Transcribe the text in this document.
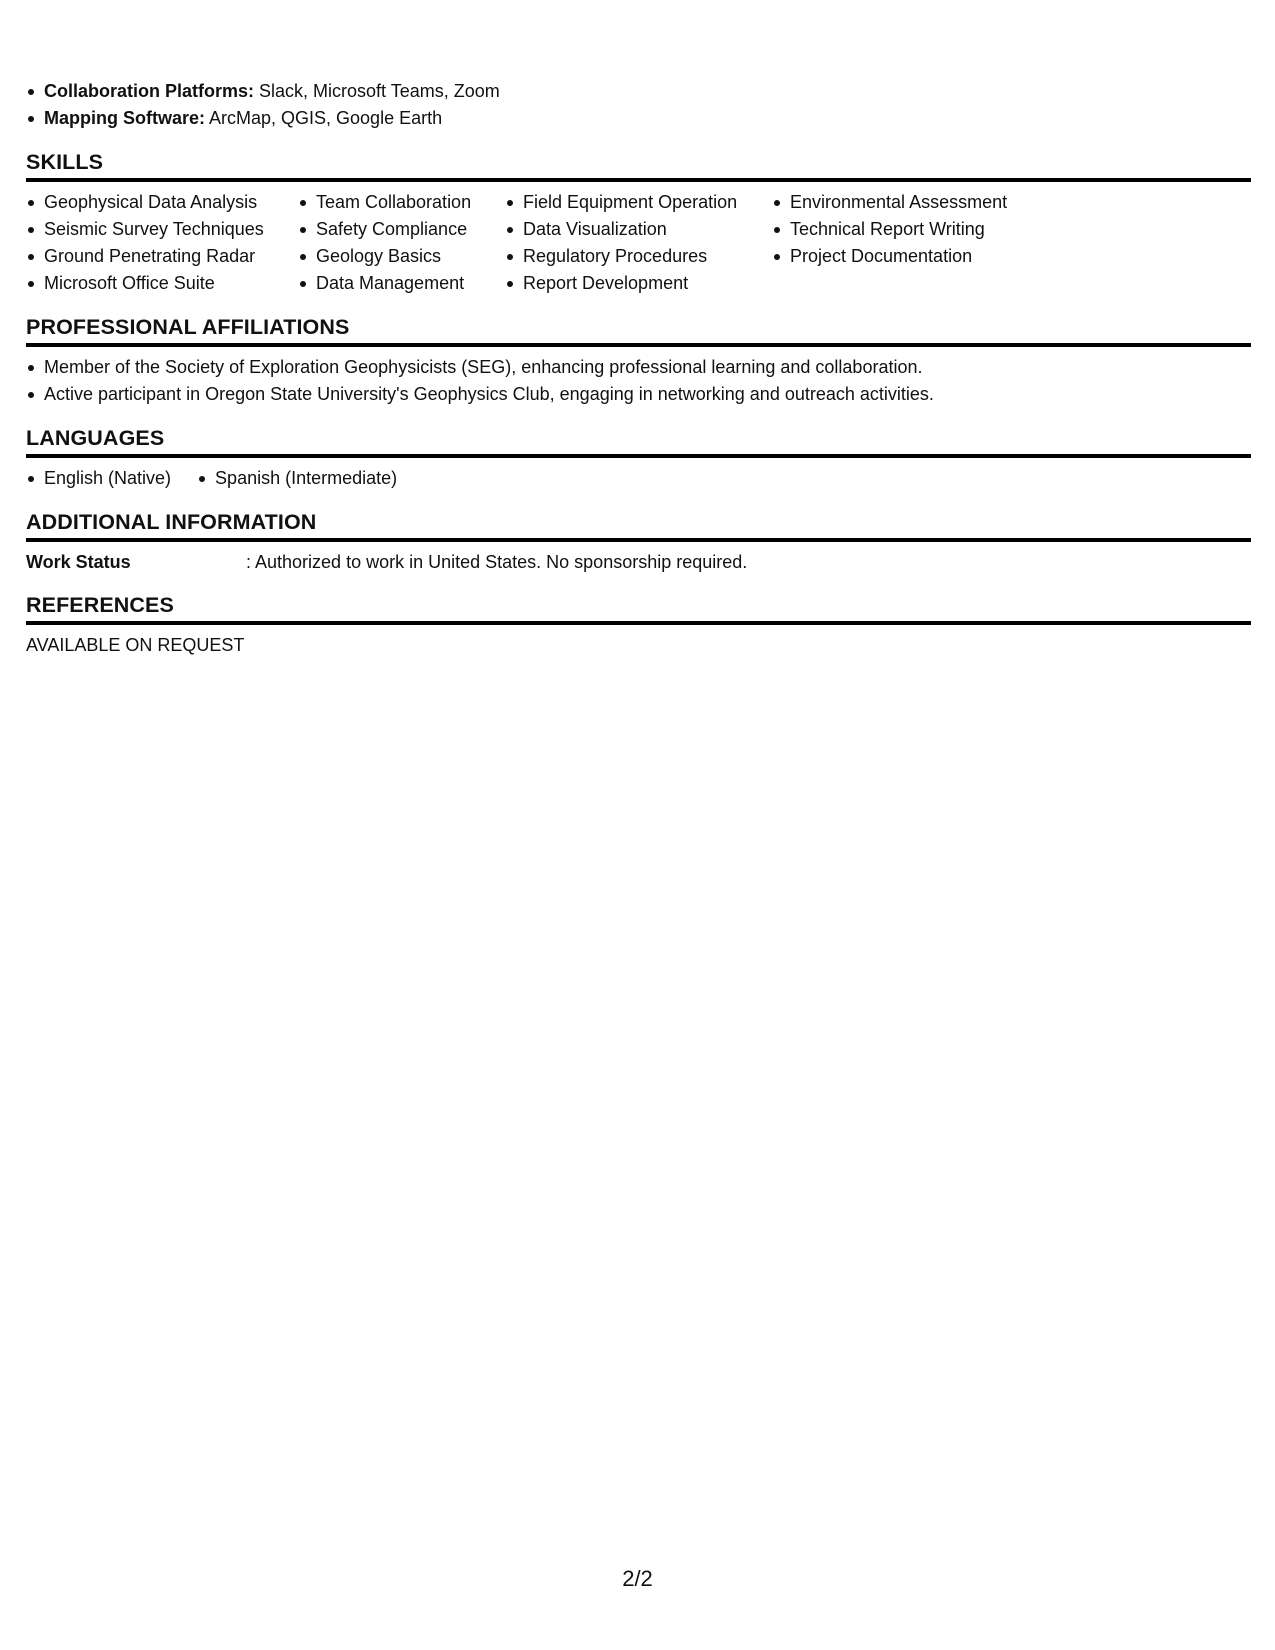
Collaboration Platforms: Slack, Microsoft Teams, Zoom
Mapping Software: ArcMap, QGIS, Google Earth
SKILLS
Geophysical Data Analysis
Seismic Survey Techniques
Ground Penetrating Radar
Microsoft Office Suite
Team Collaboration
Safety Compliance
Geology Basics
Data Management
Field Equipment Operation
Data Visualization
Regulatory Procedures
Report Development
Environmental Assessment
Technical Report Writing
Project Documentation
PROFESSIONAL AFFILIATIONS
Member of the Society of Exploration Geophysicists (SEG), enhancing professional learning and collaboration.
Active participant in Oregon State University's Geophysics Club, engaging in networking and outreach activities.
LANGUAGES
English (Native)	Spanish (Intermediate)
ADDITIONAL INFORMATION
Work Status	: Authorized to work in United States. No sponsorship required.
REFERENCES
AVAILABLE ON REQUEST
2/2
